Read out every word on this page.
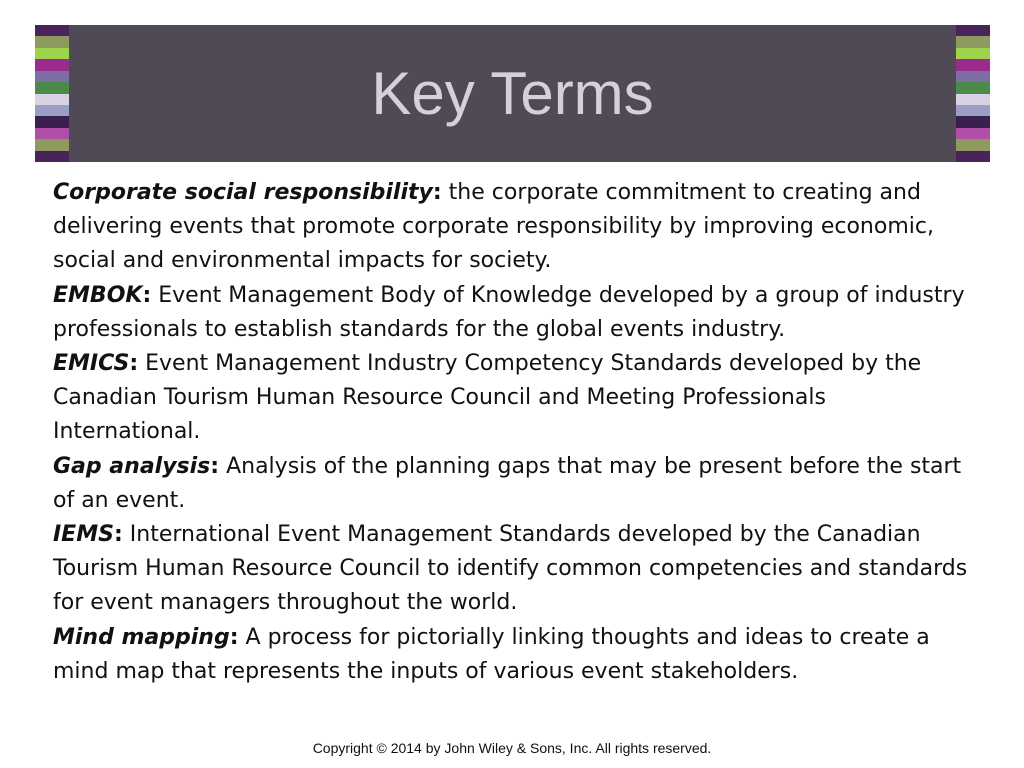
Key Terms

Corporate social responsibility: the corporate commitment to creating and delivering events that promote corporate responsibility by improving economic, social and environmental impacts for society.

EMBOK: Event Management Body of Knowledge developed by a group of industry professionals to establish standards for the global events industry.

EMICS: Event Management Industry Competency Standards developed by the Canadian Tourism Human Resource Council and Meeting Professionals International.

Gap analysis: Analysis of the planning gaps that may be present before the start of an event.

IEMS: International Event Management Standards developed by the Canadian Tourism Human Resource Council to identify common competencies and standards for event managers throughout the world.

Mind mapping: A process for pictorially linking thoughts and ideas to create a mind map that represents the inputs of various event stakeholders.

Copyright © 2014 by John Wiley & Sons, Inc. All rights reserved.
